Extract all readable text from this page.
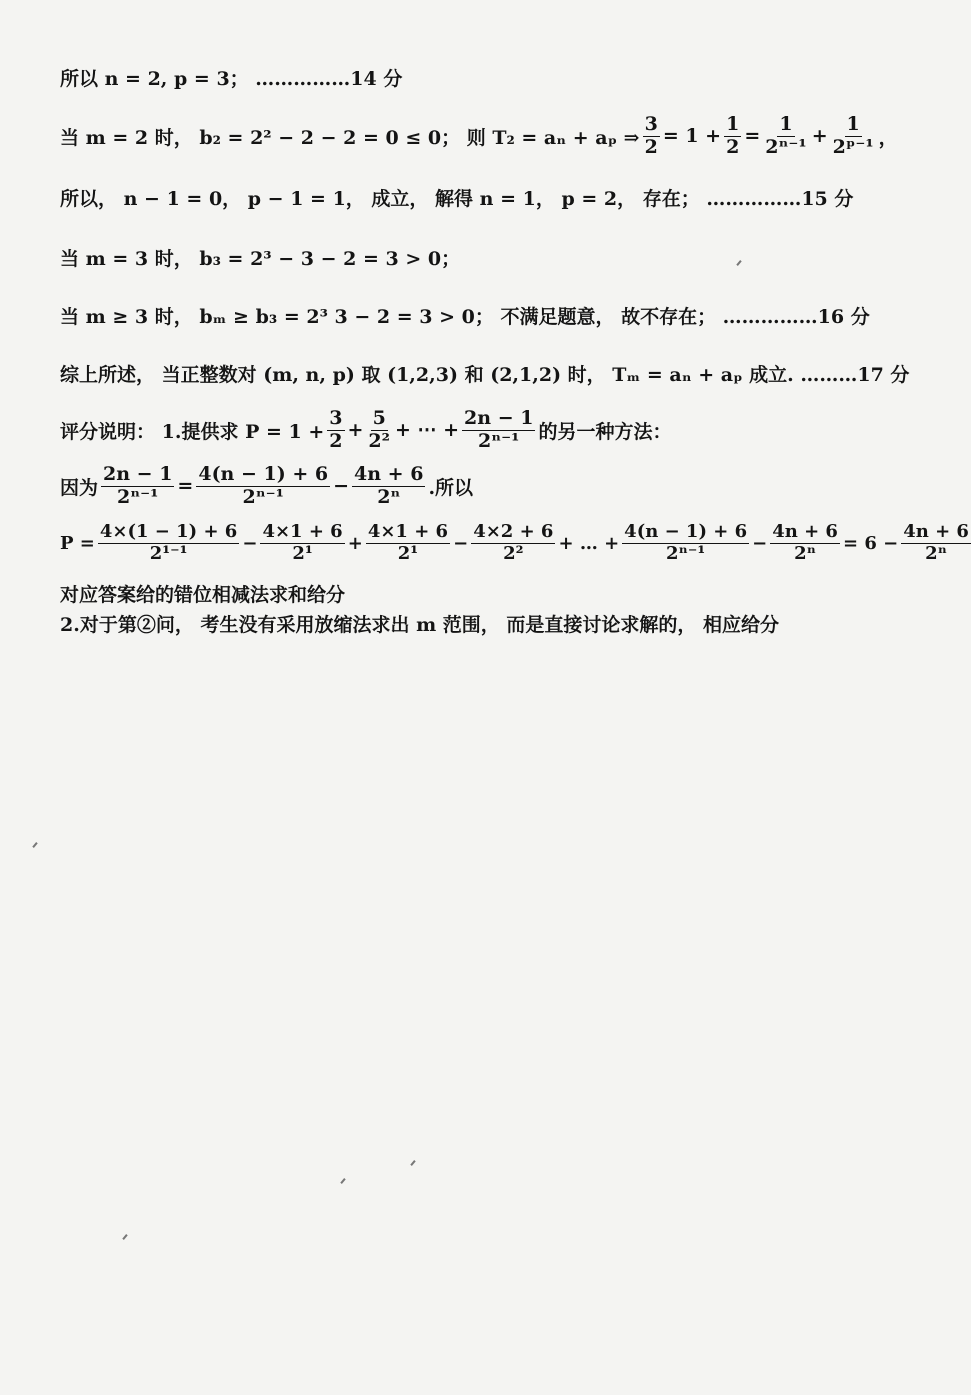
所以 n = 2, p = 3； ……………14 分
当 m = 2 时， b₂ = 2² − 2 − 2 = 0 ≤ 0； 则 T₂ = aₙ + aₚ ⇒ $\frac{3}{2} = 1 + \frac{1}{2} = \frac{1}{\text{2ⁿ⁻¹}} + \frac{1}{\text{2ᵖ⁻¹}}$ ，
所以， n − 1 = 0， p − 1 = 1， 成立， 解得 n = 1， p = 2， 存在； ……………15 分
当 m = 3 时， b₃ = 2³ − 3 − 2 = 3 > 0；
当 m ≥ 3 时， bₘ ≥ b₃ = 2³ 3 − 2 = 3 > 0； 不满足题意， 故不存在； ……………16 分
综上所述， 当正整数对 (m, n, p) 取 (1,2,3) 和 (2,1,2) 时， Tₘ = aₙ + aₚ 成立. ………17 分
评分说明： 1.提供求 $P = 1 + \frac{3}{2} + \frac{5}{\text{2²}}$ + ⋯ + $\frac{2n - 1}{\text{2ⁿ⁻¹}}$ 的另一种方法：
因为 $\frac{2n - 1}{\text{2ⁿ⁻¹}} = \frac{4(n - 1) + 6}{\text{2ⁿ⁻¹}} - \frac{4n + 6}{\text{2ⁿ}}$ .所以
$P = \frac{4\times(1 - 1) + 6}{\text{2¹⁻¹}} - \frac{4\times 1 + 6}{\text{2¹}} + \frac{4\times 1 + 6}{\text{2¹}} - \frac{4\times 2 + 6}{\text{2²}}$ + … + $\frac{4(n - 1) + 6}{\text{2ⁿ⁻¹}} - \frac{4n + 6}{\text{2ⁿ}} = 6 - \frac{4n + 6}{\text{2ⁿ}}$
对应答案给的错位相减法求和给分
2.对于第②问， 考生没有采用放缩法求出 m 范围， 而是直接讨论求解的， 相应给分
